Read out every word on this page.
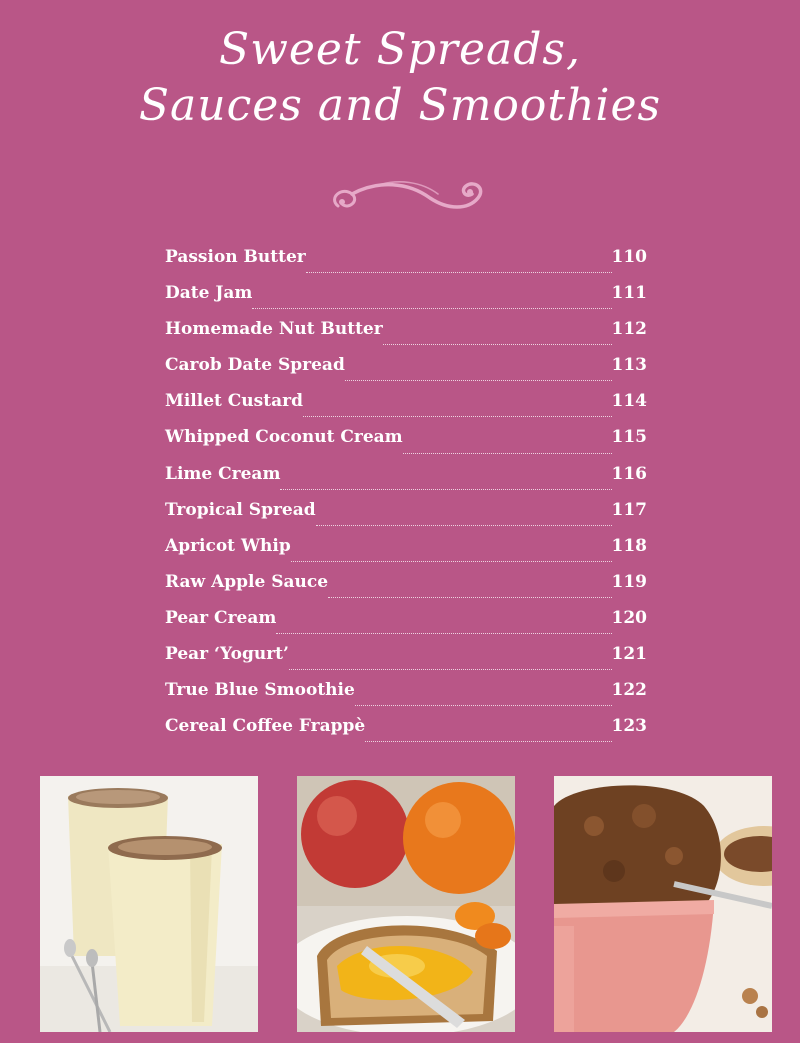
Sweet Spreads,
Sauces and Smoothies
Passion Butter	110
Date Jam	111
Homemade Nut Butter	112
Carob Date Spread	113
Millet Custard	114
Whipped Coconut Cream	115
Lime Cream	116
Tropical Spread	117
Apricot Whip	118
Raw Apple Sauce	119
Pear Cream	120
Pear ‘Yogurt’	121
True Blue Smoothie	122
Cereal Coffee Frappè	123
